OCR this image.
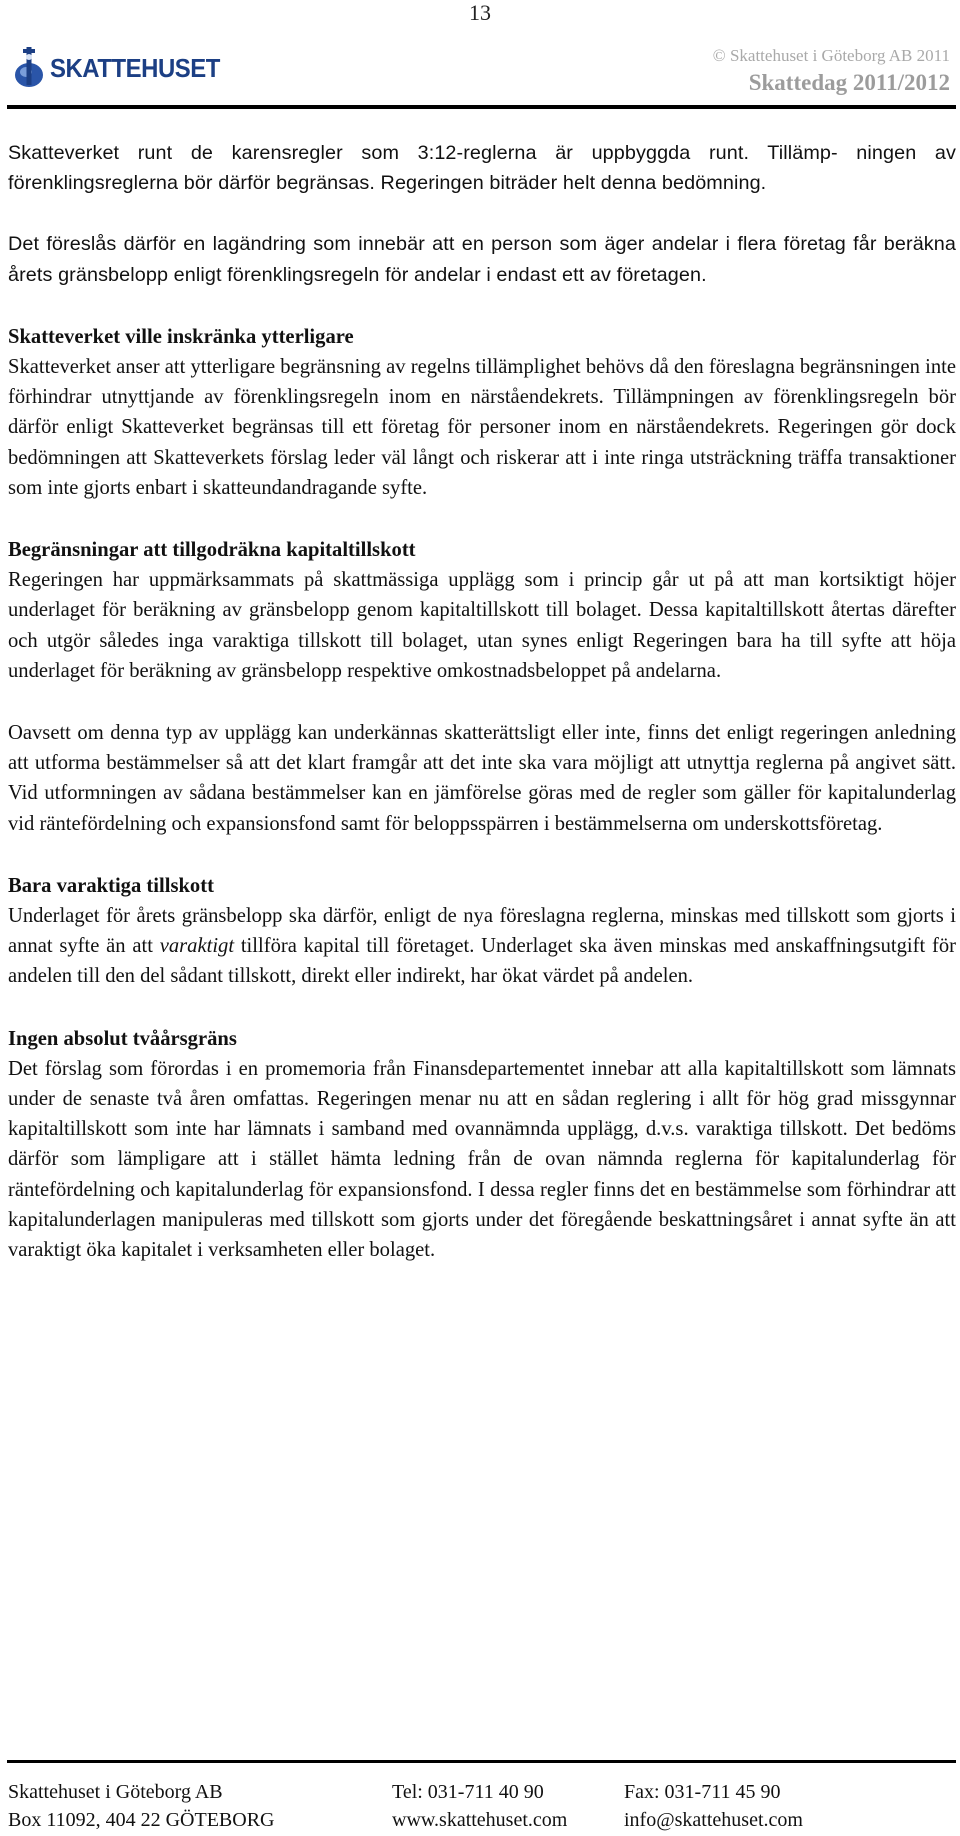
13
SKATTEHUSET	© Skattehuset i Göteborg AB 2011
Skattedag 2011/2012

Skatteverket runt de karensregler som 3:12-reglerna är uppbyggda runt. Tillämp- ningen av förenklingsreglerna bör därför begränsas. Regeringen biträder helt denna bedömning.

Det föreslås därför en lagändring som innebär att en person som äger andelar i flera företag får beräkna årets gränsbelopp enligt förenklingsregeln för andelar i endast ett av företagen.

Skatteverket ville inskränka ytterligare
Skatteverket anser att ytterligare begränsning av regelns tillämplighet behövs då den föreslagna begränsningen inte förhindrar utnyttjande av förenklingsregeln inom en närståendekrets. Tillämpningen av förenklingsregeln bör därför enligt Skatteverket begränsas till ett företag för personer inom en närståendekrets. Regeringen gör dock bedömningen att Skatteverkets förslag leder väl långt och riskerar att i inte ringa utsträckning träffa transaktioner som inte gjorts enbart i skatteundandragande syfte.

Begränsningar att tillgodräkna kapitaltillskott
Regeringen har uppmärksammats på skattmässiga upplägg som i princip går ut på att man kortsiktigt höjer underlaget för beräkning av gränsbelopp genom kapitaltillskott till bolaget. Dessa kapitaltillskott återtas därefter och utgör således inga varaktiga tillskott till bolaget, utan synes enligt Regeringen bara ha till syfte att höja underlaget för beräkning av gränsbelopp respektive omkostnadsbeloppet på andelarna.

Oavsett om denna typ av upplägg kan underkännas skatterättsligt eller inte, finns det enligt regeringen anledning att utforma bestämmelser så att det klart framgår att det inte ska vara möjligt att utnyttja reglerna på angivet sätt. Vid utformningen av sådana bestämmelser kan en jämförelse göras med de regler som gäller för kapitalunderlag vid räntefördelning och expansionsfond samt för beloppsspärren i bestämmelserna om underskottsföretag.

Bara varaktiga tillskott
Underlaget för årets gränsbelopp ska därför, enligt de nya föreslagna reglerna, minskas med tillskott som gjorts i annat syfte än att varaktigt tillföra kapital till företaget. Underlaget ska även minskas med anskaffningsutgift för andelen till den del sådant tillskott, direkt eller indirekt, har ökat värdet på andelen.

Ingen absolut tvåårsgräns
Det förslag som förordas i en promemoria från Finansdepartementet innebar att alla kapitaltillskott som lämnats under de senaste två åren omfattas. Regeringen menar nu att en sådan reglering i allt för hög grad missgynnar kapitaltillskott som inte har lämnats i samband med ovannämnda upplägg, d.v.s. varaktiga tillskott. Det bedöms därför som lämpligare att i stället hämta ledning från de ovan nämnda reglerna för kapitalunderlag för räntefördelning och kapitalunderlag för expansionsfond. I dessa regler finns det en bestämmelse som förhindrar att kapitalunderlagen manipuleras med tillskott som gjorts under det föregående beskattningsåret i annat syfte än att varaktigt öka kapitalet i verksamheten eller bolaget.

Skattehuset i Göteborg AB
Box 11092, 404 22 GÖTEBORG
Tel: 031-711 40 90
www.skattehuset.com
Fax: 031-711 45 90
info@skattehuset.com
